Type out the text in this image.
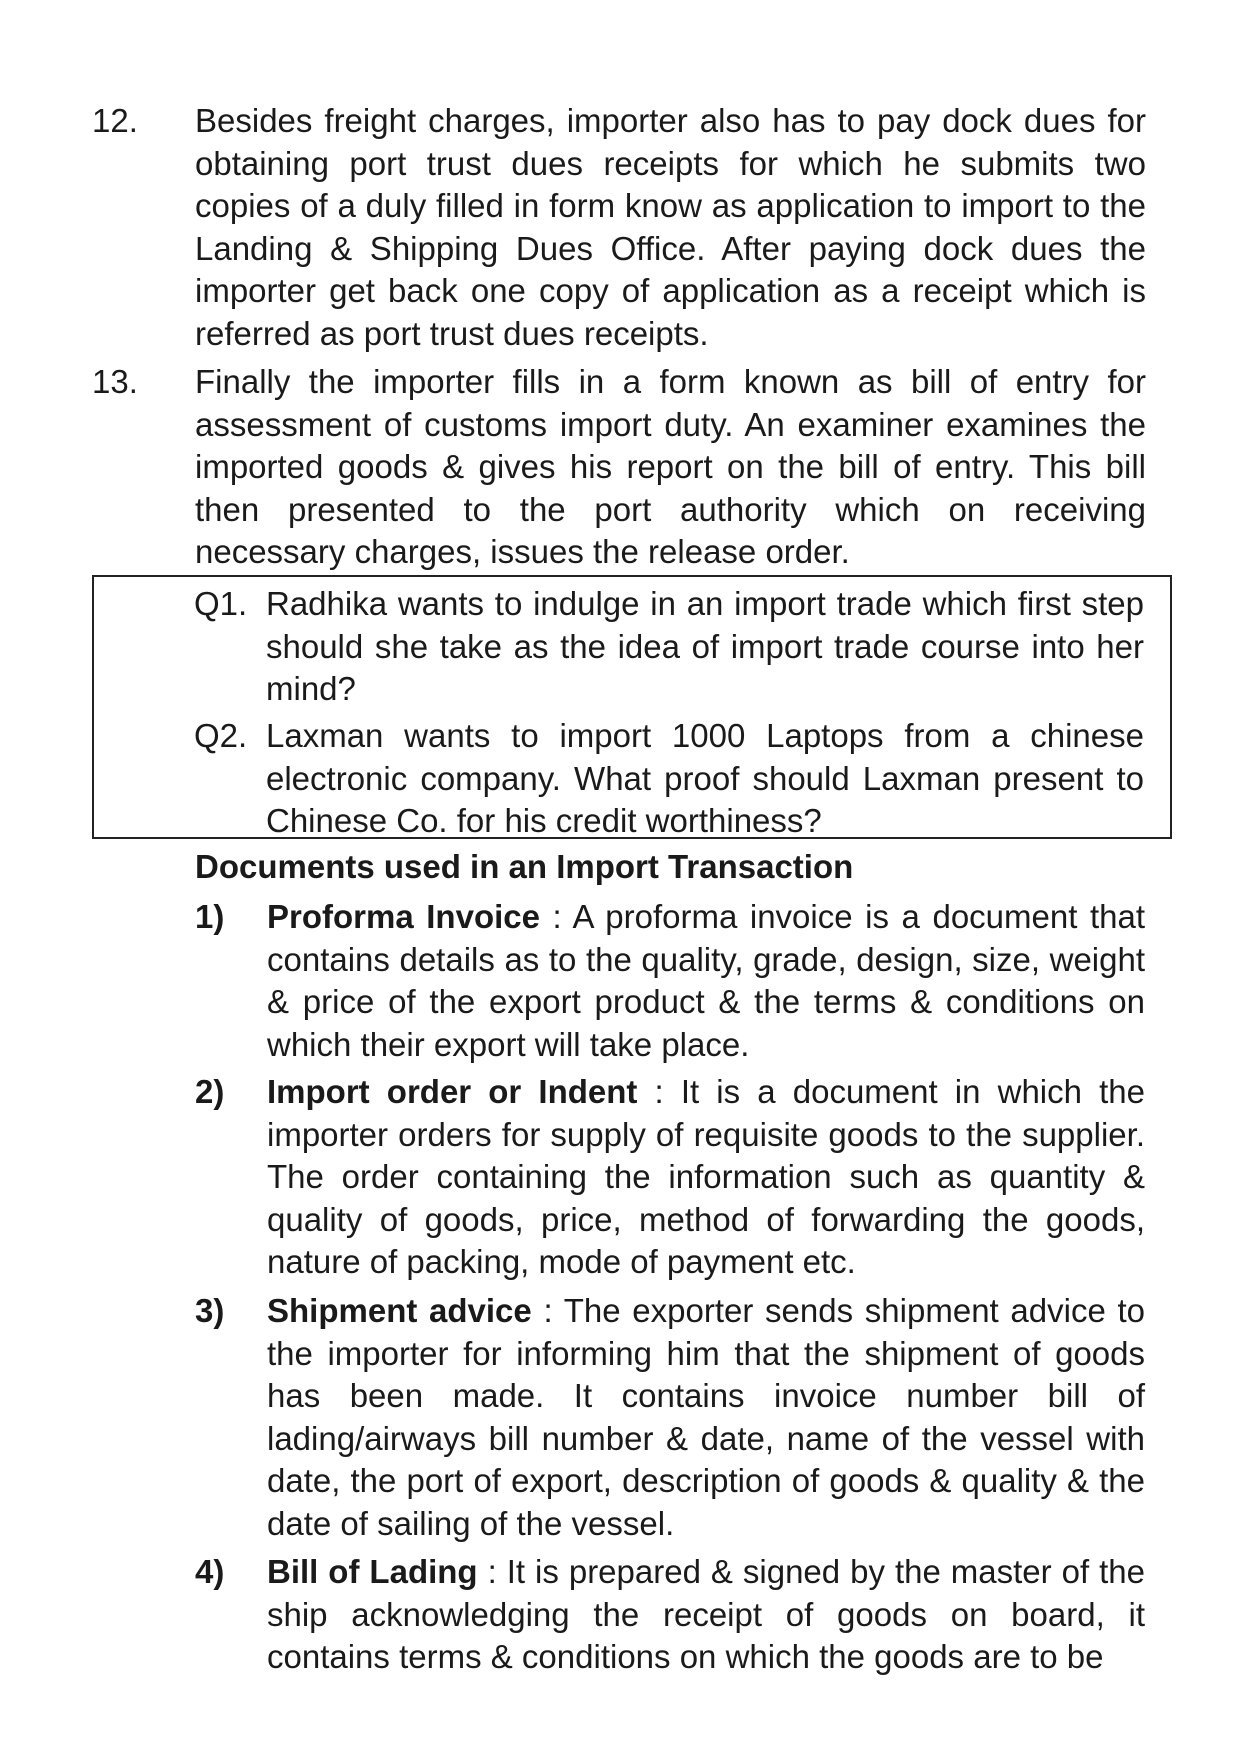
12.	Besides freight charges, importer also has to pay dock dues for obtaining port trust dues receipts for which he submits two copies of a duly filled in form know as application to import to the Landing & Shipping Dues Office. After paying dock dues the importer get back one copy of application as a receipt which is referred as port trust dues receipts.
13.	Finally the importer fills in a form known as bill of entry for assessment of customs import duty. An examiner examines the imported goods & gives his report on the bill of entry. This bill then presented to the port authority which on receiving necessary charges, issues the release order.
Q1. Radhika wants to indulge in an import trade which first step should she take as the idea of import trade course into her mind?
Q2. Laxman wants to import 1000 Laptops from a chinese electronic company. What proof should Laxman present to Chinese Co. for his credit worthiness?
Documents used in an Import Transaction
1) Proforma Invoice : A proforma invoice is a document that contains details as to the quality, grade, design, size, weight & price of the export product & the terms & conditions on which their export will take place.
2) Import order or Indent : It is a document in which the importer orders for supply of requisite goods to the supplier. The order containing the information such as quantity & quality of goods, price, method of forwarding the goods, nature of packing, mode of payment etc.
3) Shipment advice : The exporter sends shipment advice to the importer for informing him that the shipment of goods has been made. It contains invoice number bill of lading/airways bill number & date, name of the vessel with date, the port of export, description of goods & quality & the date of sailing of the vessel.
4) Bill of Lading : It is prepared & signed by the master of the ship acknowledging the receipt of goods on board, it contains terms & conditions on which the goods are to be
